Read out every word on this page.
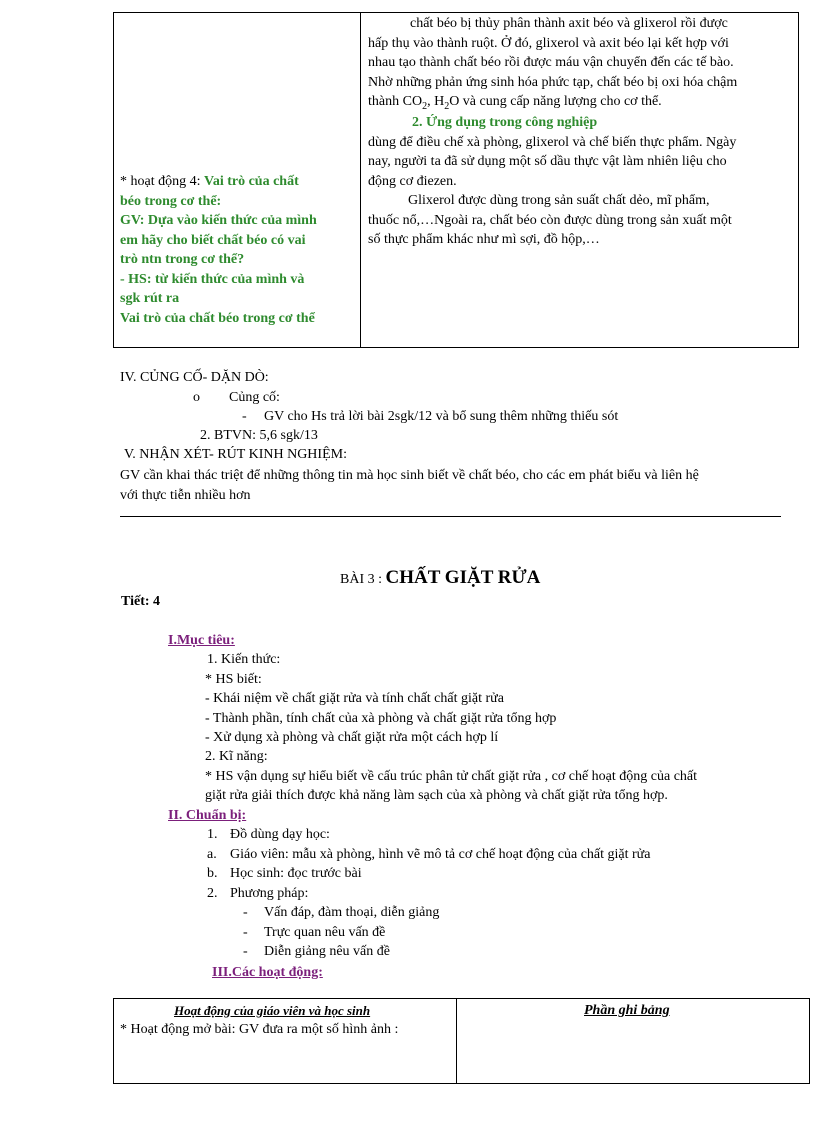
* hoạt động 4: Vai trò của chất
béo trong cơ thể:
GV: Dựa vào kiến thức của mình
em hãy cho biết chất béo có vai
trò ntn trong cơ thể?
- HS: từ kiến thức của mình và
sgk rút ra
Vai trò của chất béo trong cơ thể
chất béo bị thủy phân thành axit béo và glixerol rồi được
hấp thụ vào thành ruột. Ở đó, glixerol và axit béo lại kết hợp với
nhau tạo thành chất béo rồi được máu vận chuyển đến các tế bào.
Nhờ những phản ứng sinh hóa phức tạp, chất béo bị oxi hóa chậm
thành $CO_2$, $H_2O$ và cung cấp năng lượng cho cơ thể.
2. Ứng dụng trong công nghiệp
dùng để điều chế xà phòng, glixerol và chế biến thực phẩm. Ngày
nay, người ta đã sử dụng một số dầu thực vật làm nhiên liệu cho
động cơ điezen.
Glixerol được dùng trong sản suất chất dẻo, mĩ phẩm,
thuốc nổ,…Ngoài ra, chất béo còn được dùng trong sản xuất một
số thực phẩm khác như mì sợi, đồ hộp,…
IV. CỦNG CỐ- DẶN DÒ:
o Củng cố:
- GV cho Hs trả lời bài 2sgk/12 và bổ sung thêm những thiếu sót
2. BTVN: 5,6 sgk/13
V. NHẬN XÉT- RÚT KINH NGHIỆM:
GV cần khai thác triệt để những thông tin mà học sinh biết về chất béo, cho các em phát biểu và liên hệ
với thực tiễn nhiều hơn
BÀI 3 : CHẤT GIẶT RỬA
Tiết: 4
I.Mục tiêu:
1. Kiến thức:
* HS biết:
- Khái niệm về chất giặt rửa và tính chất chất giặt rửa
- Thành phần, tính chất của xà phòng và chất giặt rửa tổng hợp
- Xử dụng xà phòng và chất giặt rửa một cách hợp lí
2. Kĩ năng:
* HS vận dụng sự hiểu biết về cấu trúc phân tử chất giặt rửa , cơ chế hoạt động của chất
giặt rửa giải thích được khả năng làm sạch của xà phòng và chất giặt rửa tổng hợp.
II. Chuẩn bị:
1. Đồ dùng dạy học:
a. Giáo viên: mẫu xà phòng, hình vẽ mô tả cơ chế hoạt động của chất giặt rửa
b. Học sinh: đọc trước bài
2. Phương pháp:
- Vấn đáp, đàm thoại, diễn giảng
- Trực quan nêu vấn đề
- Diễn giảng nêu vấn đề
III.Các hoạt động:
Hoạt động của giáo viên và học sinh	Phần ghi bảng
* Hoạt động mở bài: GV đưa ra một số hình ảnh :
